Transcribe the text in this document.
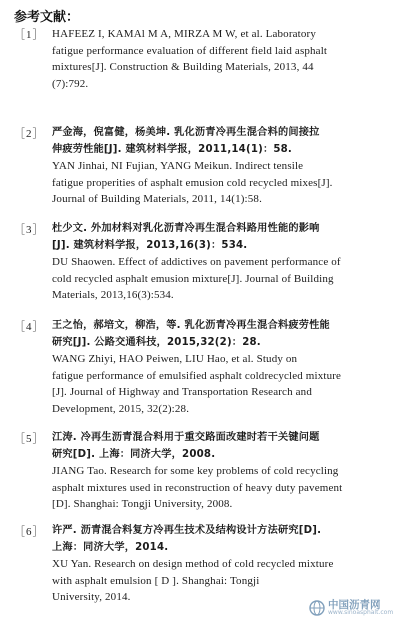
参考文献：
［1］ HAFEEZ I, KAMAl M A, MIRZA M W, et al. Laboratory
fatigue performance evaluation of different field laid asphalt
mixtures[J]. Construction & Building Materials, 2013, 44
(7):792.
［2］ 严金海，倪富健，杨美坤. 乳化沥青冷再生混合料的间接拉
伸疲劳性能[J]. 建筑材料学报，2011,14(1)：58.
YAN Jinhai, NI Fujian, YANG Meikun. Indirect tensile
fatigue properities of asphalt emusion cold recycled mixes[J].
Journal of Building Materials, 2011, 14(1):58.
［3］ 杜少文. 外加材料对乳化沥青冷再生混合料路用性能的影响
[J]. 建筑材料学报，2013,16(3)：534.
DU Shaowen. Effect of addictives on pavement performance of
cold recycled asphalt emusion mixture[J]. Journal of Building
Materials, 2013,16(3):534.
［4］ 王之怡，郝培文，柳浩，等. 乳化沥青冷再生混合料疲劳性能
研究[J]. 公路交通科技，2015,32(2)：28.
WANG Zhiyi, HAO Peiwen, LIU Hao, et al. Study on
fatigue performance of emulsified asphalt coldrecycled mixture
[J]. Journal of Highway and Transportation Research and
Development, 2015, 32(2):28.
［5］ 江涛. 冷再生沥青混合料用于重交路面改建时若干关键问题
研究[D]. 上海：同济大学，2008.
JIANG Tao. Research for some key problems of cold recycling
asphalt mixtures used in reconstruction of heavy duty pavement
[D]. Shanghai: Tongji University, 2008.
［6］ 许严. 沥青混合料复方冷再生技术及结构设计方法研究[D].
上海：同济大学，2014.
XU Yan. Research on design method of cold recycled mixture
with asphalt emulsion [ D ]. Shanghai: Tongji
University, 2014.
中国沥青网
www.sinoasphalt.com
